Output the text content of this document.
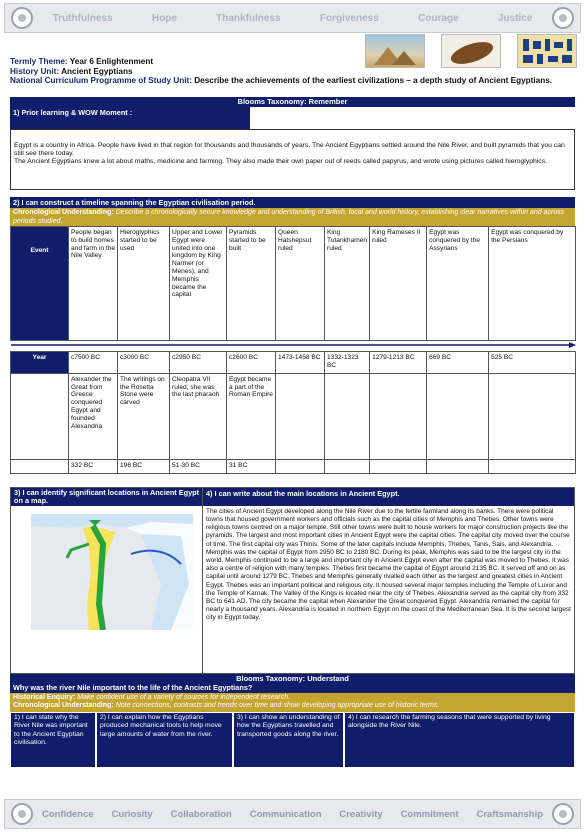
Truthfulness	Hope	Thankfulness	Forgiveness	Courage	Justice
Termly Theme: Year 6 Enlightenment
History Unit: Ancient Egyptians
National Curriculum Programme of Study Unit: Describe the achievements of the earliest civilizations – a depth study of Ancient Egyptians.
Blooms Taxonomy: Remember
1) Prior learning & WOW Moment :
Egypt is a country in Africa. People have lived in that region for thousands and thousands of years. The Ancient Egyptians settled around the Nile River, and built pyramids that you can still see there today.
The Ancient Egyptians knew a lot about maths, medicine and farming. They also made their own paper out of reeds called papyrus, and wrote using pictures called hieroglyphics.
2) I can construct a timeline spanning the Egyptian civilisation period.
Chronological Understanding: Describe a chronologically secure knowledge and understanding of British, local and world history, establishing clear narratives within and across periods studied.
Event	People began to build homes and farm in the Nile Valley	Hieroglyphics started to be used	Upper and Lower Egypt were united into one kingdom by King Narmer (or Menes), and Memphis became the capital	Pyramids started to be built	Queen Hatshepsut ruled	King Tutankhamen ruled	King Rameses II ruled	Egypt was conquered by the Assyrians	Egypt was conquered by the Persians

Year	c7500 BC	c3000 BC	c2950 BC	c2600 BC	1473-1458 BC	1332-1323 BC	1279-1213 BC	669 BC	525 BC
	Alexander the Great from Greece conquered Egypt and founded Alexandria	The writings on the Rosetta Stone were carved	Cleopatra VII ruled; she was the last pharaoh	Egypt became a part of the Roman Empire					
	332 BC	196 BC	51-30 BC	31 BC					
3) I can identify significant locations in Ancient Egypt on a map.
4) I can write about the main locations in Ancient Egypt.
The cities of Ancient Egypt developed along the Nile River due to the fertile farmland along its banks. There were political towns that housed government workers and officials such as the capital cities of Memphis and Thebes. Other towns were religious towns centred on a major temple. Still other towns were built to house workers for major construction projects like the pyramids. The largest and most important cities in Ancient Egypt were the capital cities. The capital city moved over the course of time. The first capital city was Thinis. Some of the later capitals include Memphis, Thebes, Tanis, Sais, and Alexandria. Memphis was the capital of Egypt from 2950 BC to 2180 BC. During its peak, Memphis was said to be the largest city in the world. Memphis continued to be a large and important city in Ancient Egypt even after the capital was moved to Thebes. It was also a centre of religion with many temples. Thebes first became the capital of Egypt around 2135 BC. It served off and on as capital until around 1279 BC. Thebes and Memphis generally rivalled each other as the largest and greatest cities in Ancient Egypt. Thebes was an important political and religious city. It housed several major temples including the Temple of Luxor and the Temple of Karnak. The Valley of the Kings is located near the city of Thebes. Alexandria served as the capital city from 332 BC to 641 AD. The city became the capital when Alexander the Great conquered Egypt. Alexandria remained the capital for nearly a thousand years. Alexandria is located in northern Egypt on the coast of the Mediterranean Sea. It is the second largest city in Egypt today.
Blooms Taxonomy: Understand
Why was the river Nile important to the life of the Ancient Egyptians?
Historical Enquiry: Make confident use of a variety of sources for independent research.
Chronological Understanding: Note connections, contrasts and trends over time and show developing appropriate use of historic terms.
1) I can state why the River Nile was important to the Ancient Egyptian civilisation.
2) I can explain how the Egyptians produced mechanical tools to help move large amounts of water from the river.
3) I can show an understanding of how the Egyptians travelled and transported goods along the river.
4) I can research the farming seasons that were supported by living alongside the River Nile.
Confidence Curiosity Collaboration Communication Creativity Commitment Craftsmanship
